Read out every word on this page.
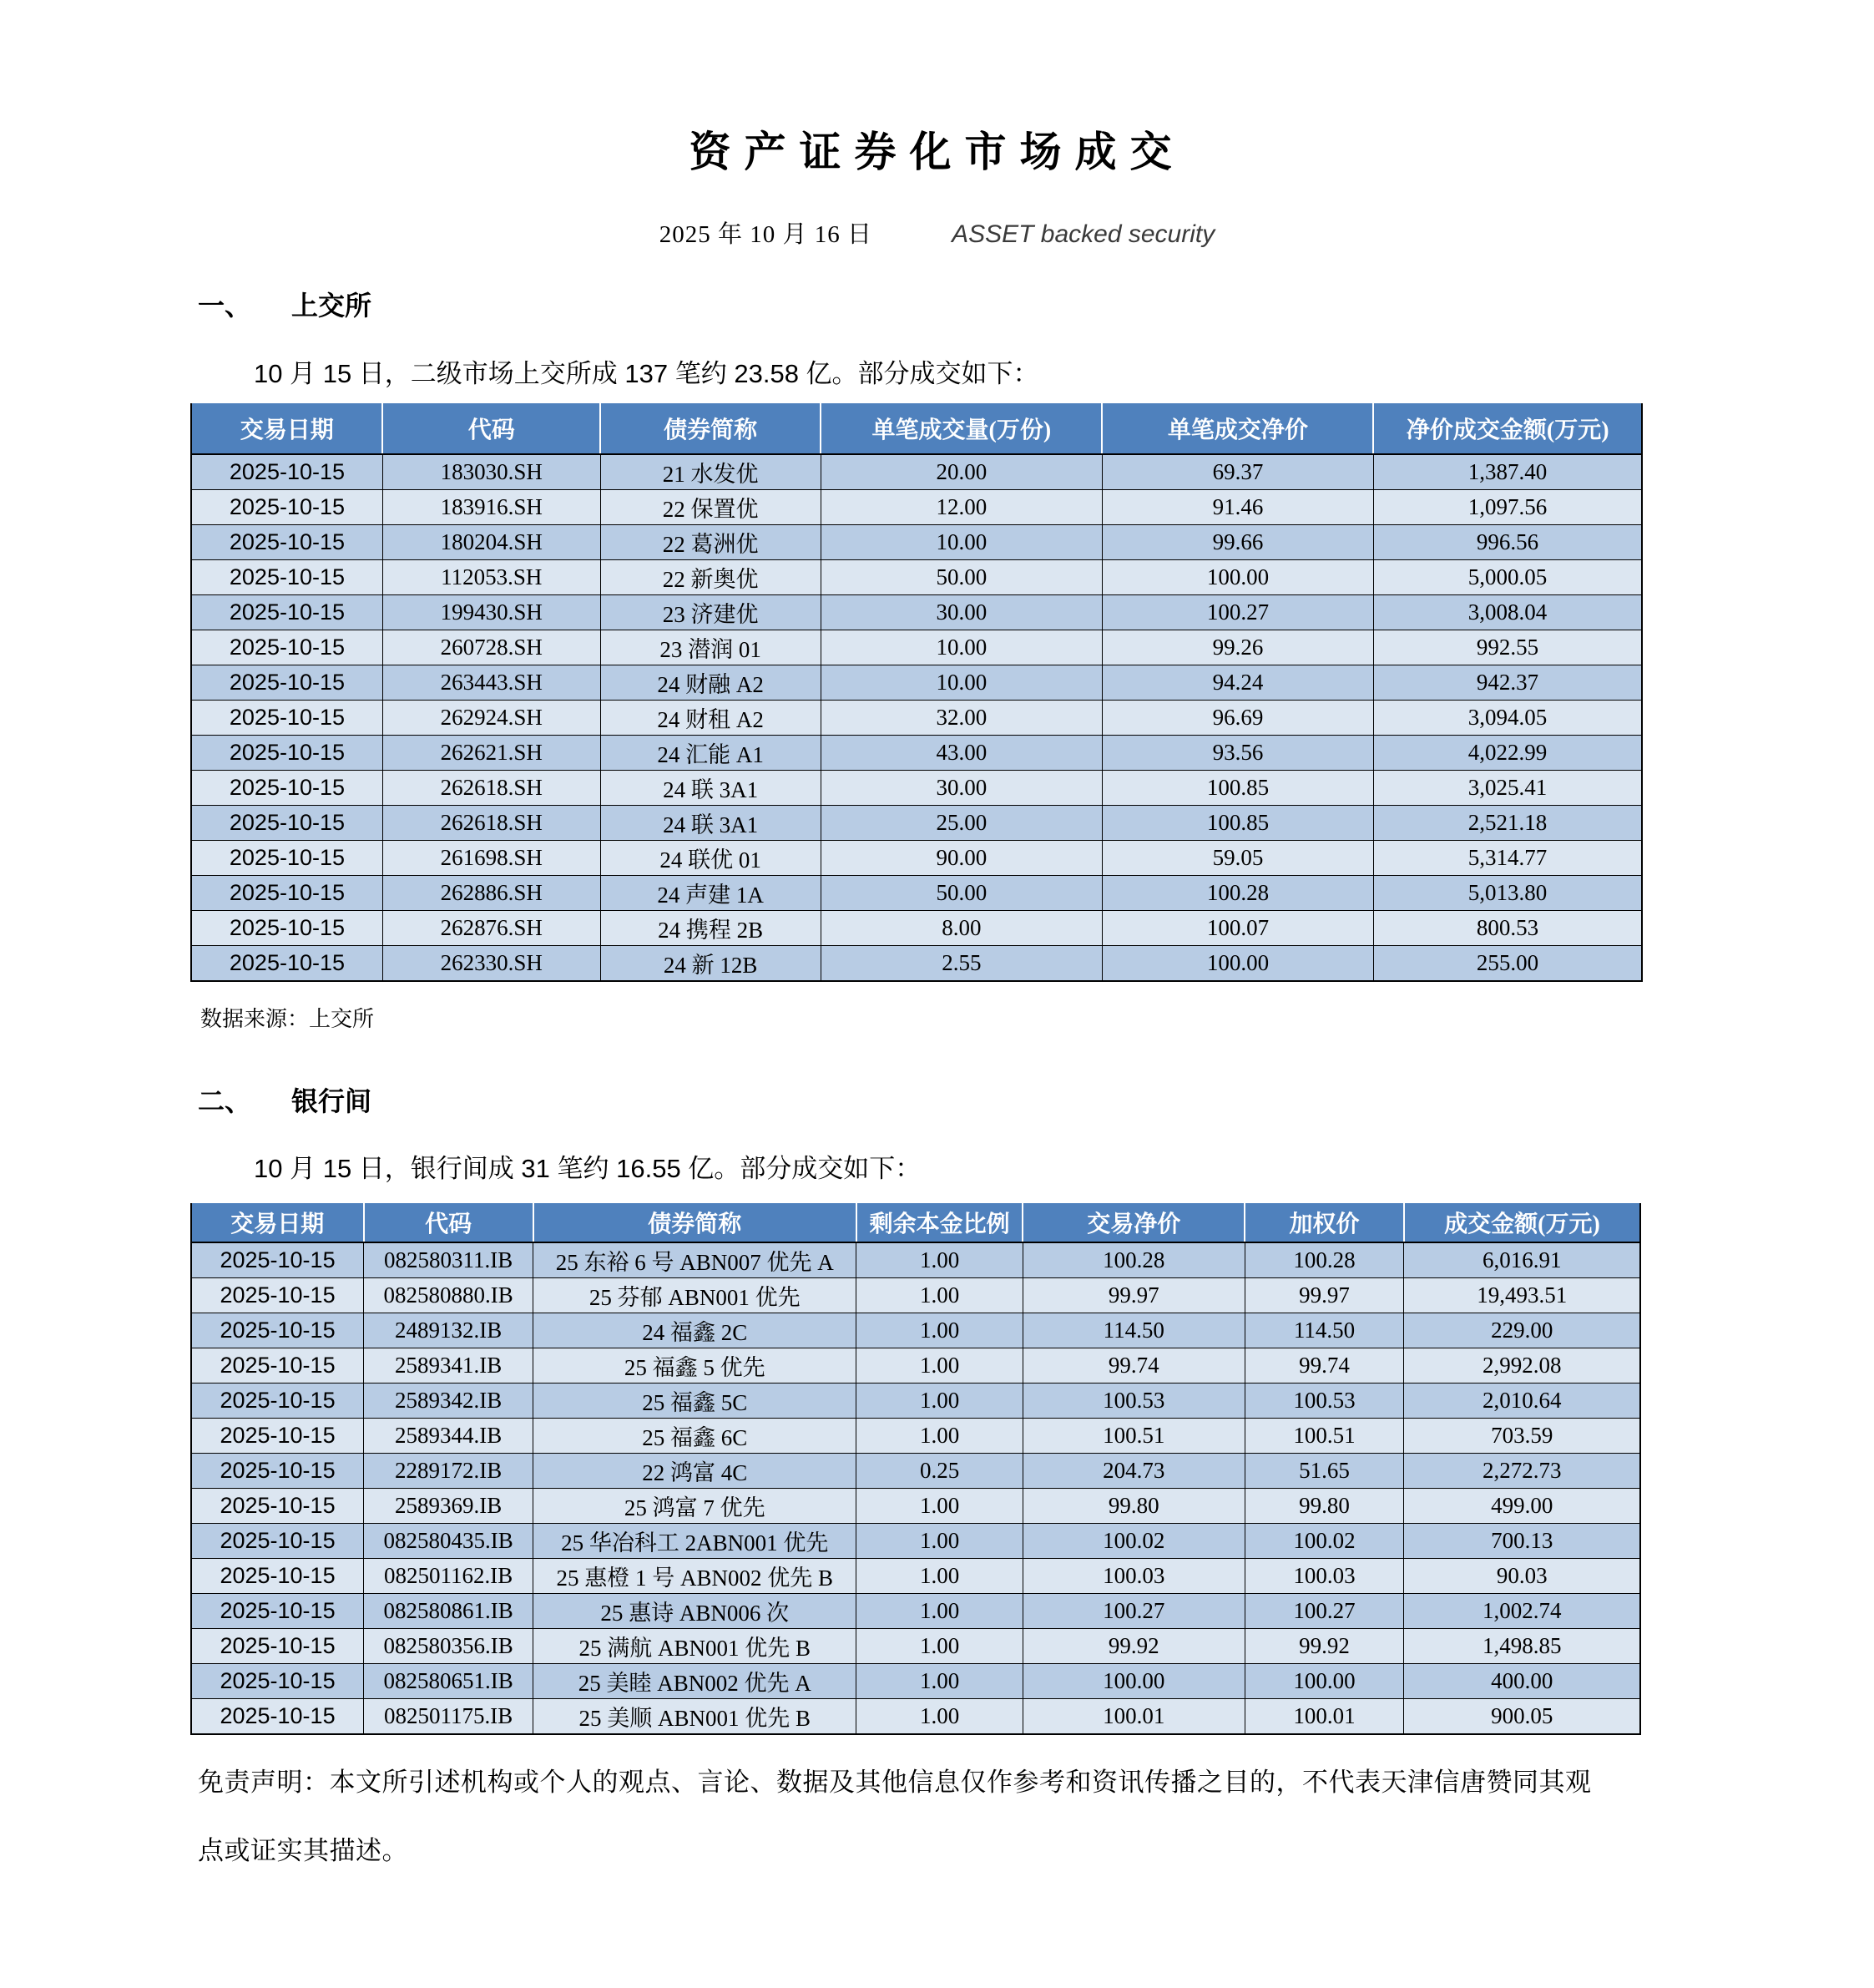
资产证券化市场成交
2025 年 10 月 16 日	ASSET backed security
一、 上交所

10 月 15 日，二级市场上交所成 137 笔约 23.58 亿。部分成交如下：

交易日期	代码	债券简称	单笔成交量(万份)	单笔成交净价	净价成交金额(万元)
2025-10-15	183030.SH	21 水发优	20.00	69.37	1,387.40
2025-10-15	183916.SH	22 保置优	12.00	91.46	1,097.56
2025-10-15	180204.SH	22 葛洲优	10.00	99.66	996.56
2025-10-15	112053.SH	22 新奥优	50.00	100.00	5,000.05
2025-10-15	199430.SH	23 济建优	30.00	100.27	3,008.04
2025-10-15	260728.SH	23 潜润 01	10.00	99.26	992.55
2025-10-15	263443.SH	24 财融 A2	10.00	94.24	942.37
2025-10-15	262924.SH	24 财租 A2	32.00	96.69	3,094.05
2025-10-15	262621.SH	24 汇能 A1	43.00	93.56	4,022.99
2025-10-15	262618.SH	24 联 3A1	30.00	100.85	3,025.41
2025-10-15	262618.SH	24 联 3A1	25.00	100.85	2,521.18
2025-10-15	261698.SH	24 联优 01	90.00	59.05	5,314.77
2025-10-15	262886.SH	24 声建 1A	50.00	100.28	5,013.80
2025-10-15	262876.SH	24 携程 2B	8.00	100.07	800.53
2025-10-15	262330.SH	24 新 12B	2.55	100.00	255.00
数据来源：上交所
二、 银行间

10 月 15 日，银行间成 31 笔约 16.55 亿。部分成交如下：

交易日期	代码	债券简称	剩余本金比例	交易净价	加权价	成交金额(万元)
2025-10-15	082580311.IB	25 东裕 6 号 ABN007 优先 A	1.00	100.28	100.28	6,016.91
2025-10-15	082580880.IB	25 芬郁 ABN001 优先	1.00	99.97	99.97	19,493.51
2025-10-15	2489132.IB	24 福鑫 2C	1.00	114.50	114.50	229.00
2025-10-15	2589341.IB	25 福鑫 5 优先	1.00	99.74	99.74	2,992.08
2025-10-15	2589342.IB	25 福鑫 5C	1.00	100.53	100.53	2,010.64
2025-10-15	2589344.IB	25 福鑫 6C	1.00	100.51	100.51	703.59
2025-10-15	2289172.IB	22 鸿富 4C	0.25	204.73	51.65	2,272.73
2025-10-15	2589369.IB	25 鸿富 7 优先	1.00	99.80	99.80	499.00
2025-10-15	082580435.IB	25 华冶科工 2ABN001 优先	1.00	100.02	100.02	700.13
2025-10-15	082501162.IB	25 惠橙 1 号 ABN002 优先 B	1.00	100.03	100.03	90.03
2025-10-15	082580861.IB	25 惠诗 ABN006 次	1.00	100.27	100.27	1,002.74
2025-10-15	082580356.IB	25 满航 ABN001 优先 B	1.00	99.92	99.92	1,498.85
2025-10-15	082580651.IB	25 美睦 ABN002 优先 A	1.00	100.00	100.00	400.00
2025-10-15	082501175.IB	25 美顺 ABN001 优先 B	1.00	100.01	100.01	900.05

免责声明：本文所引述机构或个人的观点、言论、数据及其他信息仅作参考和资讯传播之目的，不代表天津信唐赞同其观点或证实其描述。
